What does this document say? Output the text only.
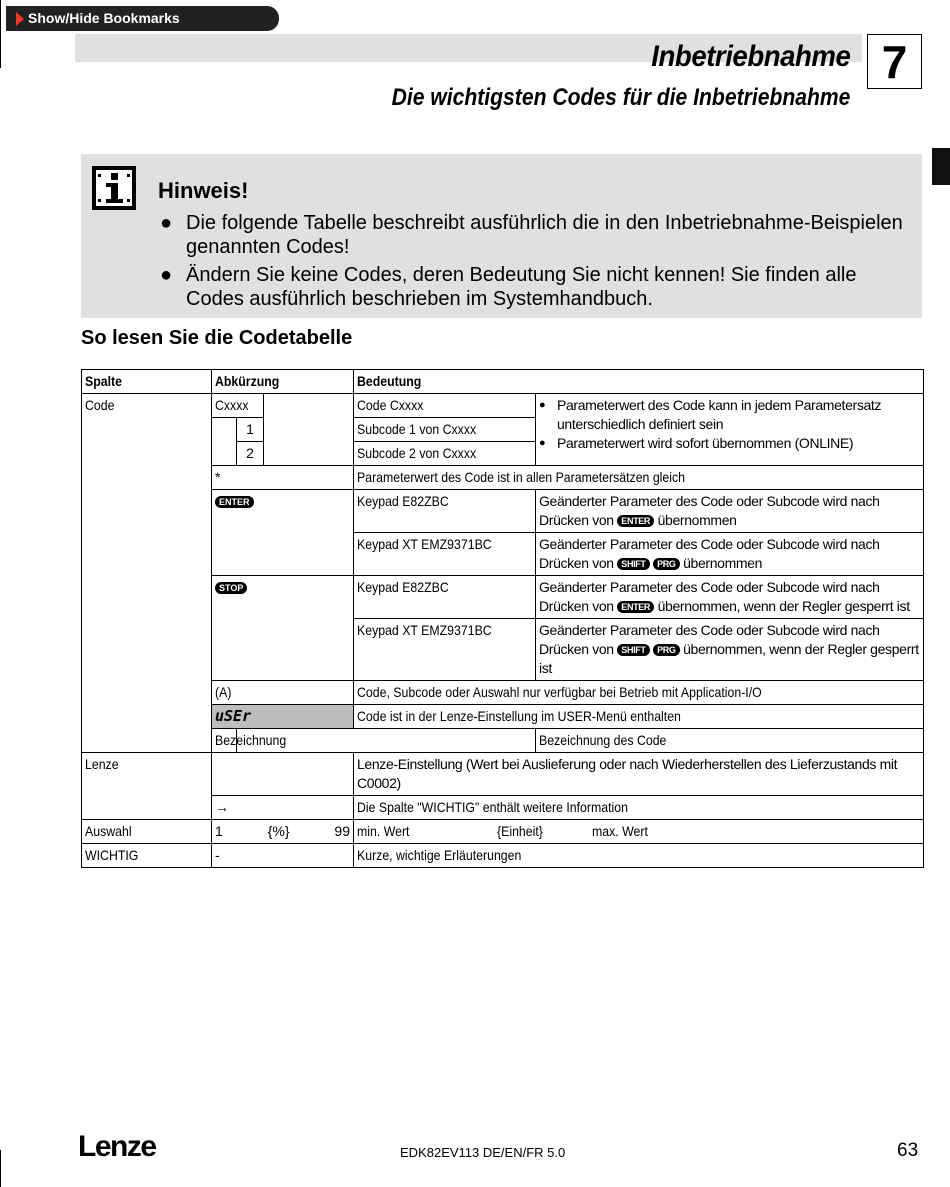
Show/Hide Bookmarks
Inbetriebnahme 7
Die wichtigsten Codes für die Inbetriebnahme
Hinweis!
● Die folgende Tabelle beschreibt ausführlich die in den Inbetriebnahme-Beispielen genannten Codes!
● Ändern Sie keine Codes, deren Bedeutung Sie nicht kennen! Sie finden alle Codes ausführlich beschrieben im Systemhandbuch.
So lesen Sie die Codetabelle
Spalte	Abkürzung			Bedeutung	
Code	Cxxxx			Code Cxxxx	● Parameterwert des Code kann in jedem Parametersatz unterschiedlich definiert sein
● Parameterwert wird sofort übernommen (ONLINE)

		1		Subcode 1 von Cxxxx	
		2		Subcode 2 von Cxxxx	
	*			Parameterwert des Code ist in allen Parametersätzen gleich	
	ENTER			Keypad E82ZBC	Geänderter Parameter des Code oder Subcode wird nach Drücken von ENTER übernommen
				Keypad XT EMZ9371BC	Geänderter Parameter des Code oder Subcode wird nach Drücken von SHIFT PRG übernommen
	STOP			Keypad E82ZBC	Geänderter Parameter des Code oder Subcode wird nach Drücken von ENTER übernommen, wenn der Regler gesperrt ist
				Keypad XT EMZ9371BC	Geänderter Parameter des Code oder Subcode wird nach Drücken von SHIFT PRG übernommen, wenn der Regler gesperrt ist
	(A)			Code, Subcode oder Auswahl nur verfügbar bei Betrieb mit Application-I/O	
	uSEr			Code ist in der Lenze-Einstellung im USER-Menü enthalten	
	Bezeichnung				Bezeichnung des Code
Lenze				Lenze-Einstellung (Wert bei Auslieferung oder nach Wiederherstellen des Lieferzustands mit C0002)	
	→			Die Spalte "WICHTIG" enthält weitere Information	
Auswahl	1 {%} 99			min. Wert {Einheit} max. Wert	
WICHTIG	-			Kurze, wichtige Erläuterungen	
Lenze	EDK82EV113 DE/EN/FR 5.0	63
